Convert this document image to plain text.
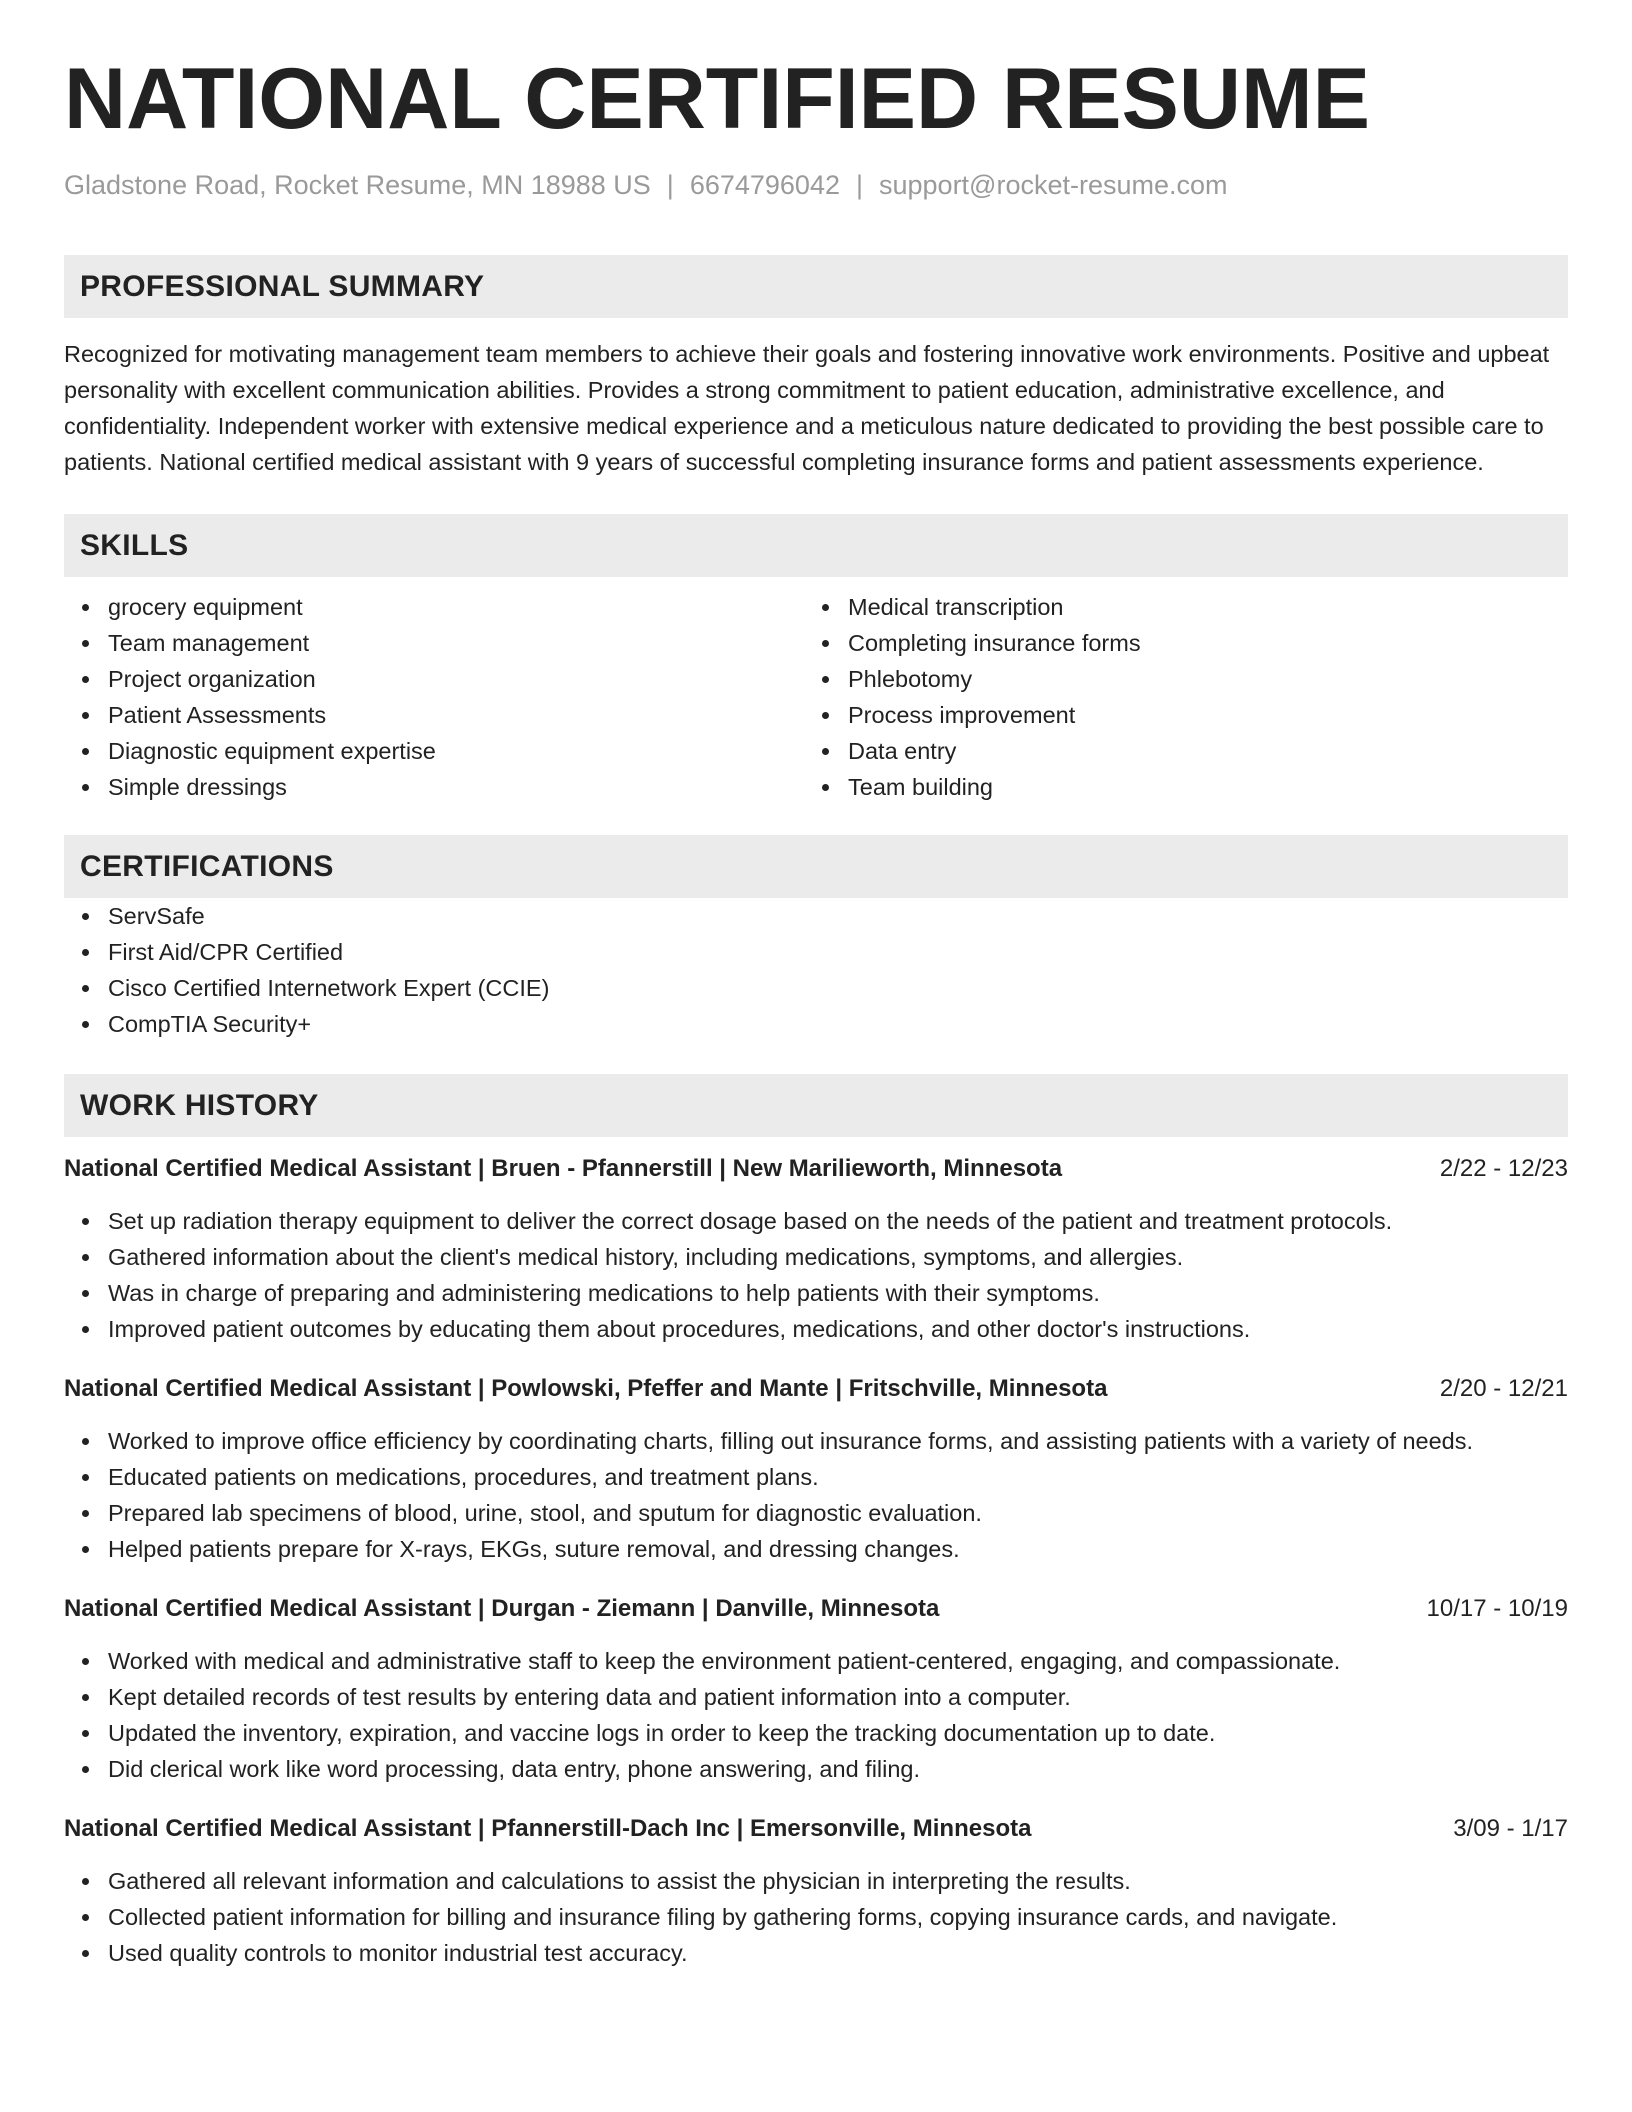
NATIONAL CERTIFIED RESUME
Gladstone Road, Rocket Resume, MN 18988 US | 6674796042 | support@rocket-resume.com
PROFESSIONAL SUMMARY

Recognized for motivating management team members to achieve their goals and fostering innovative work environments. Positive and upbeat personality with excellent communication abilities. Provides a strong commitment to patient education, administrative excellence, and confidentiality. Independent worker with extensive medical experience and a meticulous nature dedicated to providing the best possible care to patients. National certified medical assistant with 9 years of successful completing insurance forms and patient assessments experience.

SKILLS
grocery equipment
Team management
Project organization
Patient Assessments
Diagnostic equipment expertise
Simple dressings
Medical transcription
Completing insurance forms
Phlebotomy
Process improvement
Data entry
Team building
CERTIFICATIONS
ServSafe
First Aid/CPR Certified
Cisco Certified Internetwork Expert (CCIE)
CompTIA Security+
WORK HISTORY
National Certified Medical Assistant | Bruen - Pfannerstill | New Marilieworth, Minnesota	2/22 - 12/23
Set up radiation therapy equipment to deliver the correct dosage based on the needs of the patient and treatment protocols.
Gathered information about the client's medical history, including medications, symptoms, and allergies.
Was in charge of preparing and administering medications to help patients with their symptoms.
Improved patient outcomes by educating them about procedures, medications, and other doctor's instructions.
National Certified Medical Assistant | Powlowski, Pfeffer and Mante | Fritschville, Minnesota	2/20 - 12/21
Worked to improve office efficiency by coordinating charts, filling out insurance forms, and assisting patients with a variety of needs.
Educated patients on medications, procedures, and treatment plans.
Prepared lab specimens of blood, urine, stool, and sputum for diagnostic evaluation.
Helped patients prepare for X-rays, EKGs, suture removal, and dressing changes.
National Certified Medical Assistant | Durgan - Ziemann | Danville, Minnesota	10/17 - 10/19
Worked with medical and administrative staff to keep the environment patient-centered, engaging, and compassionate.
Kept detailed records of test results by entering data and patient information into a computer.
Updated the inventory, expiration, and vaccine logs in order to keep the tracking documentation up to date.
Did clerical work like word processing, data entry, phone answering, and filing.
National Certified Medical Assistant | Pfannerstill-Dach Inc | Emersonville, Minnesota	3/09 - 1/17
Gathered all relevant information and calculations to assist the physician in interpreting the results.
Collected patient information for billing and insurance filing by gathering forms, copying insurance cards, and navigate.
Used quality controls to monitor industrial test accuracy.
